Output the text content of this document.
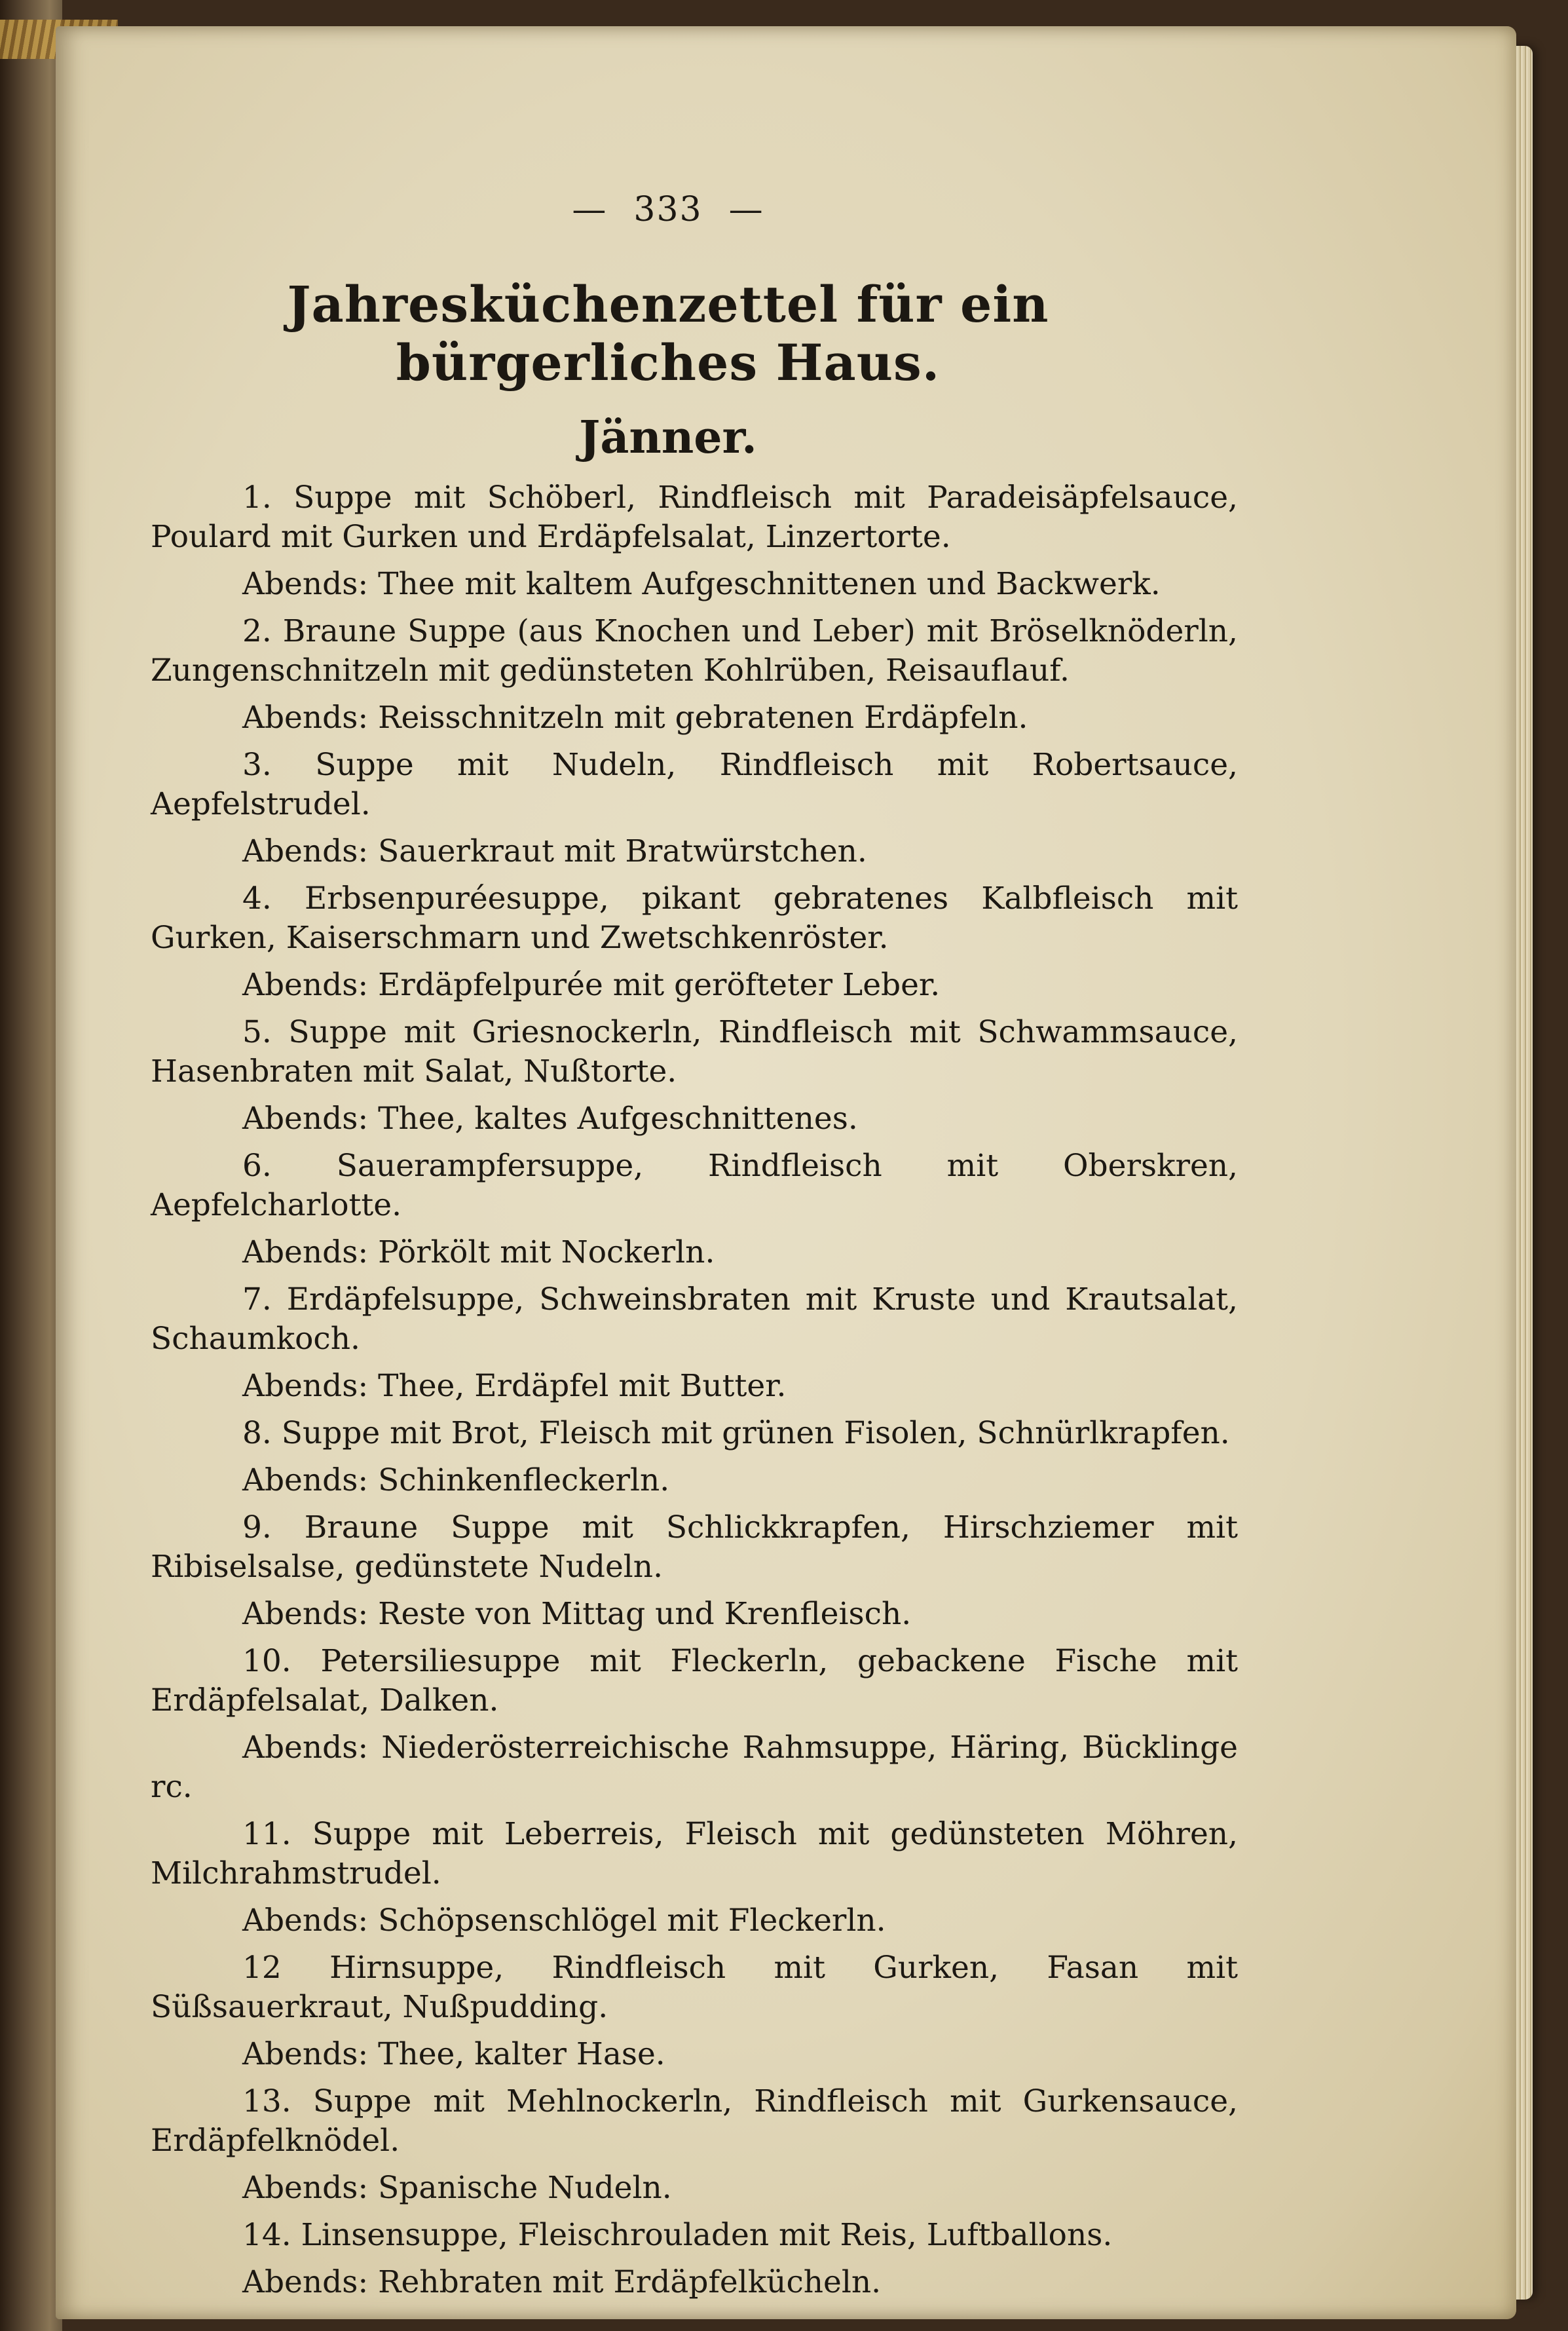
— 333 —
Jahresküchenzettel für ein bürgerliches Haus.
Jänner.

1. Suppe mit Schöberl, Rindfleisch mit Paradeisäpfelsauce, Poulard mit Gurken und Erdäpfelsalat, Linzertorte.

Abends: Thee mit kaltem Aufgeschnittenen und Backwerk.

2. Braune Suppe (aus Knochen und Leber) mit Bröselknöderln, Zungenschnitzeln mit gedünsteten Kohlrüben, Reisauflauf.

Abends: Reisschnitzeln mit gebratenen Erdäpfeln.

3. Suppe mit Nudeln, Rindfleisch mit Robertsauce, Aepfelstrudel.

Abends: Sauerkraut mit Bratwürstchen.

4. Erbsenpuréesuppe, pikant gebratenes Kalbfleisch mit Gurken, Kaiserschmarn und Zwetschkenröster.

Abends: Erdäpfelpurée mit geröfteter Leber.

5. Suppe mit Griesnockerln, Rindfleisch mit Schwammsauce, Hasenbraten mit Salat, Nußtorte.

Abends: Thee, kaltes Aufgeschnittenes.

6. Sauerampfersuppe, Rindfleisch mit Oberskren, Aepfelcharlotte.

Abends: Pörkölt mit Nockerln.

7. Erdäpfelsuppe, Schweinsbraten mit Kruste und Krautsalat, Schaumkoch.

Abends: Thee, Erdäpfel mit Butter.

8. Suppe mit Brot, Fleisch mit grünen Fisolen, Schnürlkrapfen.

Abends: Schinkenfleckerln.

9. Braune Suppe mit Schlickkrapfen, Hirschziemer mit Ribiselsalse, gedünstete Nudeln.

Abends: Reste von Mittag und Krenfleisch.

10. Petersiliesuppe mit Fleckerln, gebackene Fische mit Erdäpfelsalat, Dalken.

Abends: Niederösterreichische Rahmsuppe, Häring, Bücklinge rc.

11. Suppe mit Leberreis, Fleisch mit gedünsteten Möhren, Milchrahmstrudel.

Abends: Schöpsenschlögel mit Fleckerln.

12 Hirnsuppe, Rindfleisch mit Gurken, Fasan mit Süßsauerkraut, Nußpudding.

Abends: Thee, kalter Hase.

13. Suppe mit Mehlnockerln, Rindfleisch mit Gurkensauce, Erdäpfelknödel.

Abends: Spanische Nudeln.

14. Linsensuppe, Fleischrouladen mit Reis, Luftballons.

Abends: Rehbraten mit Erdäpfelkücheln.
